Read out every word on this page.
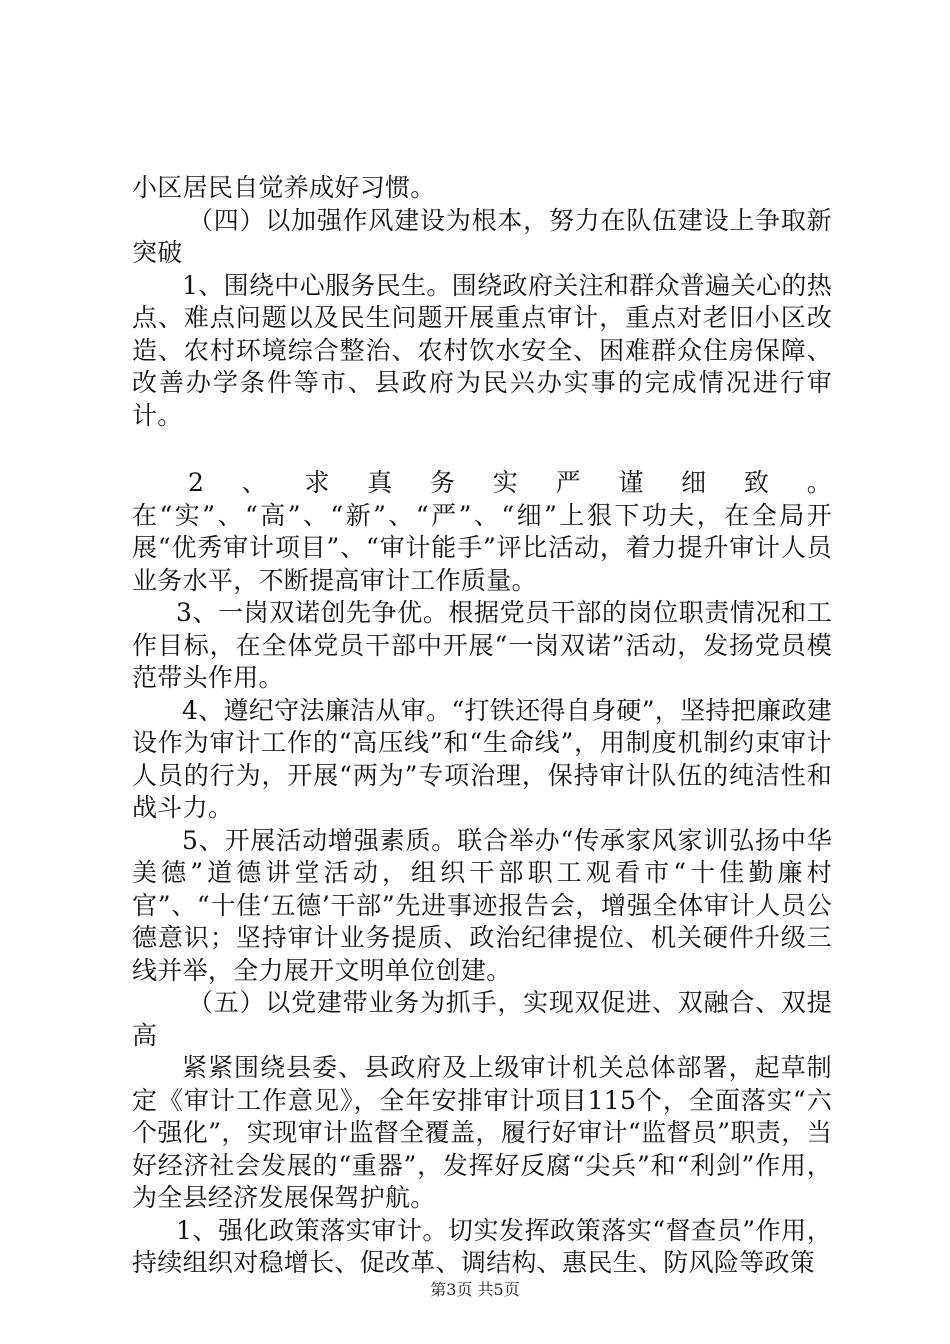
小区居民自觉养成好习惯。

（四）以加强作风建设为根本，努力在队伍建设上争取新突破

1、围绕中心服务民生。围绕政府关注和群众普遍关心的热点、难点问题以及民生问题开展重点审计，重点对老旧小区改造、农村环境综合整治、农村饮水安全、困难群众住房保障、改善办学条件等市、县政府为民兴办实事的完成情况进行审计。

2、求真务实严谨细致。在“实”、“高”、“新”、“严”、“细”上狠下功夫，在全局开展“优秀审计项目”、“审计能手”评比活动，着力提升审计人员业务水平，不断提高审计工作质量。

3、一岗双诺创先争优。根据党员干部的岗位职责情况和工作目标，在全体党员干部中开展“一岗双诺”活动，发扬党员模范带头作用。

4、遵纪守法廉洁从审。“打铁还得自身硬”，坚持把廉政建设作为审计工作的“高压线”和“生命线”，用制度机制约束审计人员的行为，开展“两为”专项治理，保持审计队伍的纯洁性和战斗力。

5、开展活动增强素质。联合举办“传承家风家训弘扬中华美德”道德讲堂活动，组织干部职工观看市“十佳勤廉村官”、“十佳‘五德’干部”先进事迹报告会，增强全体审计人员公德意识；坚持审计业务提质、政治纪律提位、机关硬件升级三线并举，全力展开文明单位创建。

（五）以党建带业务为抓手，实现双促进、双融合、双提高

紧紧围绕县委、县政府及上级审计机关总体部署，起草制定《审计工作意见》，全年安排审计项目115个，全面落实“六个强化”，实现审计监督全覆盖，履行好审计“监督员”职责，当好经济社会发展的“重器”，发挥好反腐“尖兵”和“利剑”作用，为全县经济发展保驾护航。

1、强化政策落实审计。切实发挥政策落实“督查员”作用，持续组织对稳增长、促改革、调结构、惠民生、防风险等政策

第3页 共5页
